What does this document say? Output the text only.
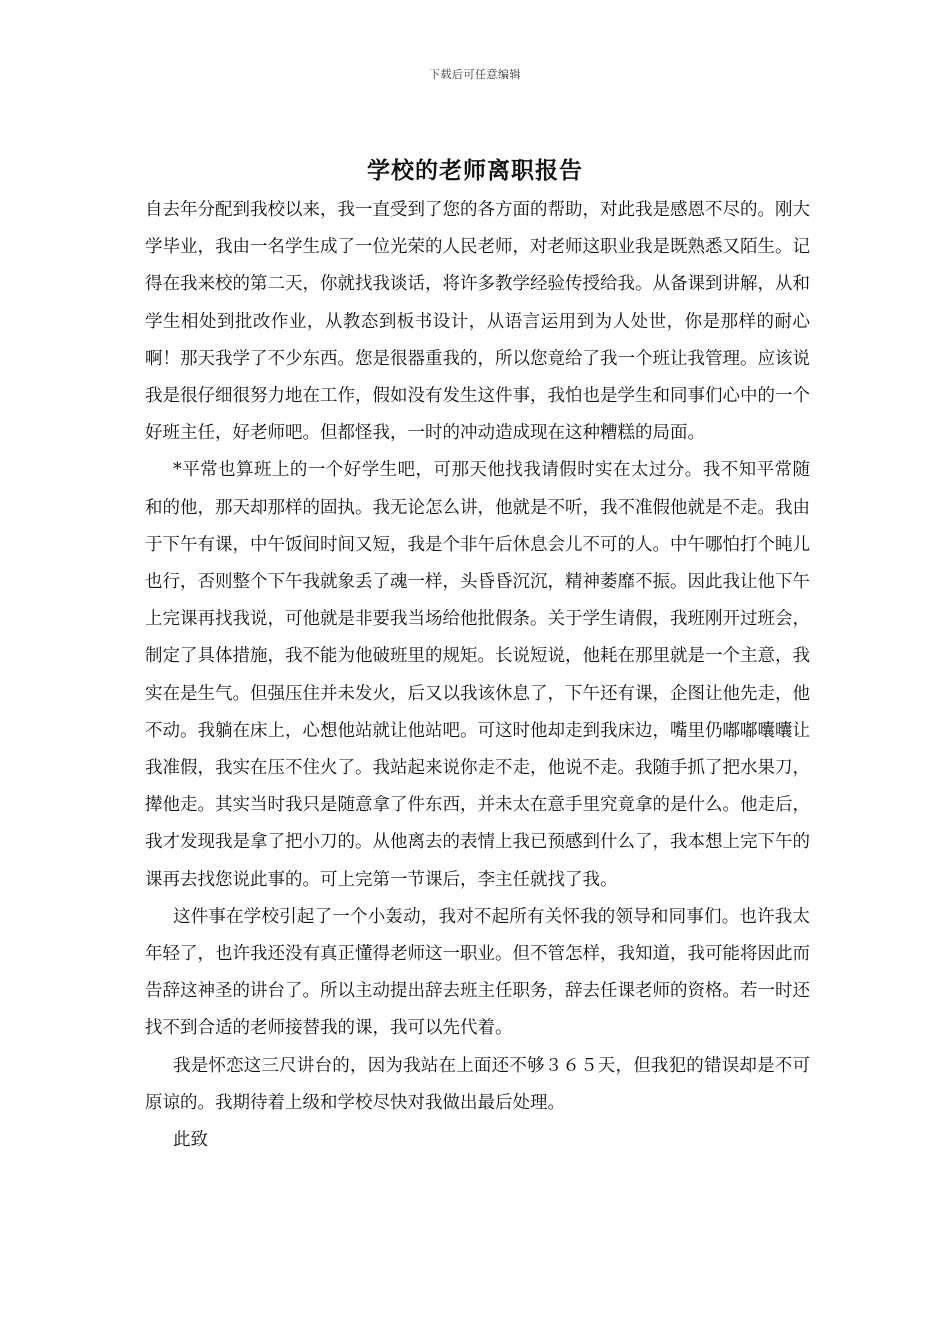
下载后可任意编辑
学校的老师离职报告

自去年分配到我校以来，我一直受到了您的各方面的帮助，对此我是感恩不尽的。刚大学毕业，我由一名学生成了一位光荣的人民老师，对老师这职业我是既熟悉又陌生。记得在我来校的第二天，你就找我谈话，将许多教学经验传授给我。从备课到讲解，从和学生相处到批改作业，从教态到板书设计，从语言运用到为人处世，你是那样的耐心啊！那天我学了不少东西。您是很器重我的，所以您竟给了我一个班让我管理。应该说我是很仔细很努力地在工作，假如没有发生这件事，我怕也是学生和同事们心中的一个好班主任，好老师吧。但都怪我，一时的冲动造成现在这种糟糕的局面。

*平常也算班上的一个好学生吧，可那天他找我请假时实在太过分。我不知平常随和的他，那天却那样的固执。我无论怎么讲，他就是不听，我不准假他就是不走。我由于下午有课，中午饭间时间又短，我是个非午后休息会儿不可的人。中午哪怕打个盹儿也行，否则整个下午我就象丢了魂一样，头昏昏沉沉，精神萎靡不振。因此我让他下午上完课再找我说，可他就是非要我当场给他批假条。关于学生请假，我班刚开过班会，制定了具体措施，我不能为他破班里的规矩。长说短说，他耗在那里就是一个主意，我实在是生气。但强压住并未发火，后又以我该休息了，下午还有课，企图让他先走，他不动。我躺在床上，心想他站就让他站吧。可这时他却走到我床边，嘴里仍嘟嘟囔囔让我准假，我实在压不住火了。我站起来说你走不走，他说不走。我随手抓了把水果刀，撵他走。其实当时我只是随意拿了件东西，并未太在意手里究竟拿的是什么。他走后，我才发现我是拿了把小刀的。从他离去的表情上我已预感到什么了，我本想上完下午的课再去找您说此事的。可上完第一节课后，李主任就找了我。

这件事在学校引起了一个小轰动，我对不起所有关怀我的领导和同事们。也许我太年轻了，也许我还没有真正懂得老师这一职业。但不管怎样，我知道，我可能将因此而告辞这神圣的讲台了。所以主动提出辞去班主任职务，辞去任课老师的资格。若一时还找不到合适的老师接替我的课，我可以先代着。

我是怀恋这三尺讲台的，因为我站在上面还不够３６５天，但我犯的错误却是不可原谅的。我期待着上级和学校尽快对我做出最后处理。

此致
